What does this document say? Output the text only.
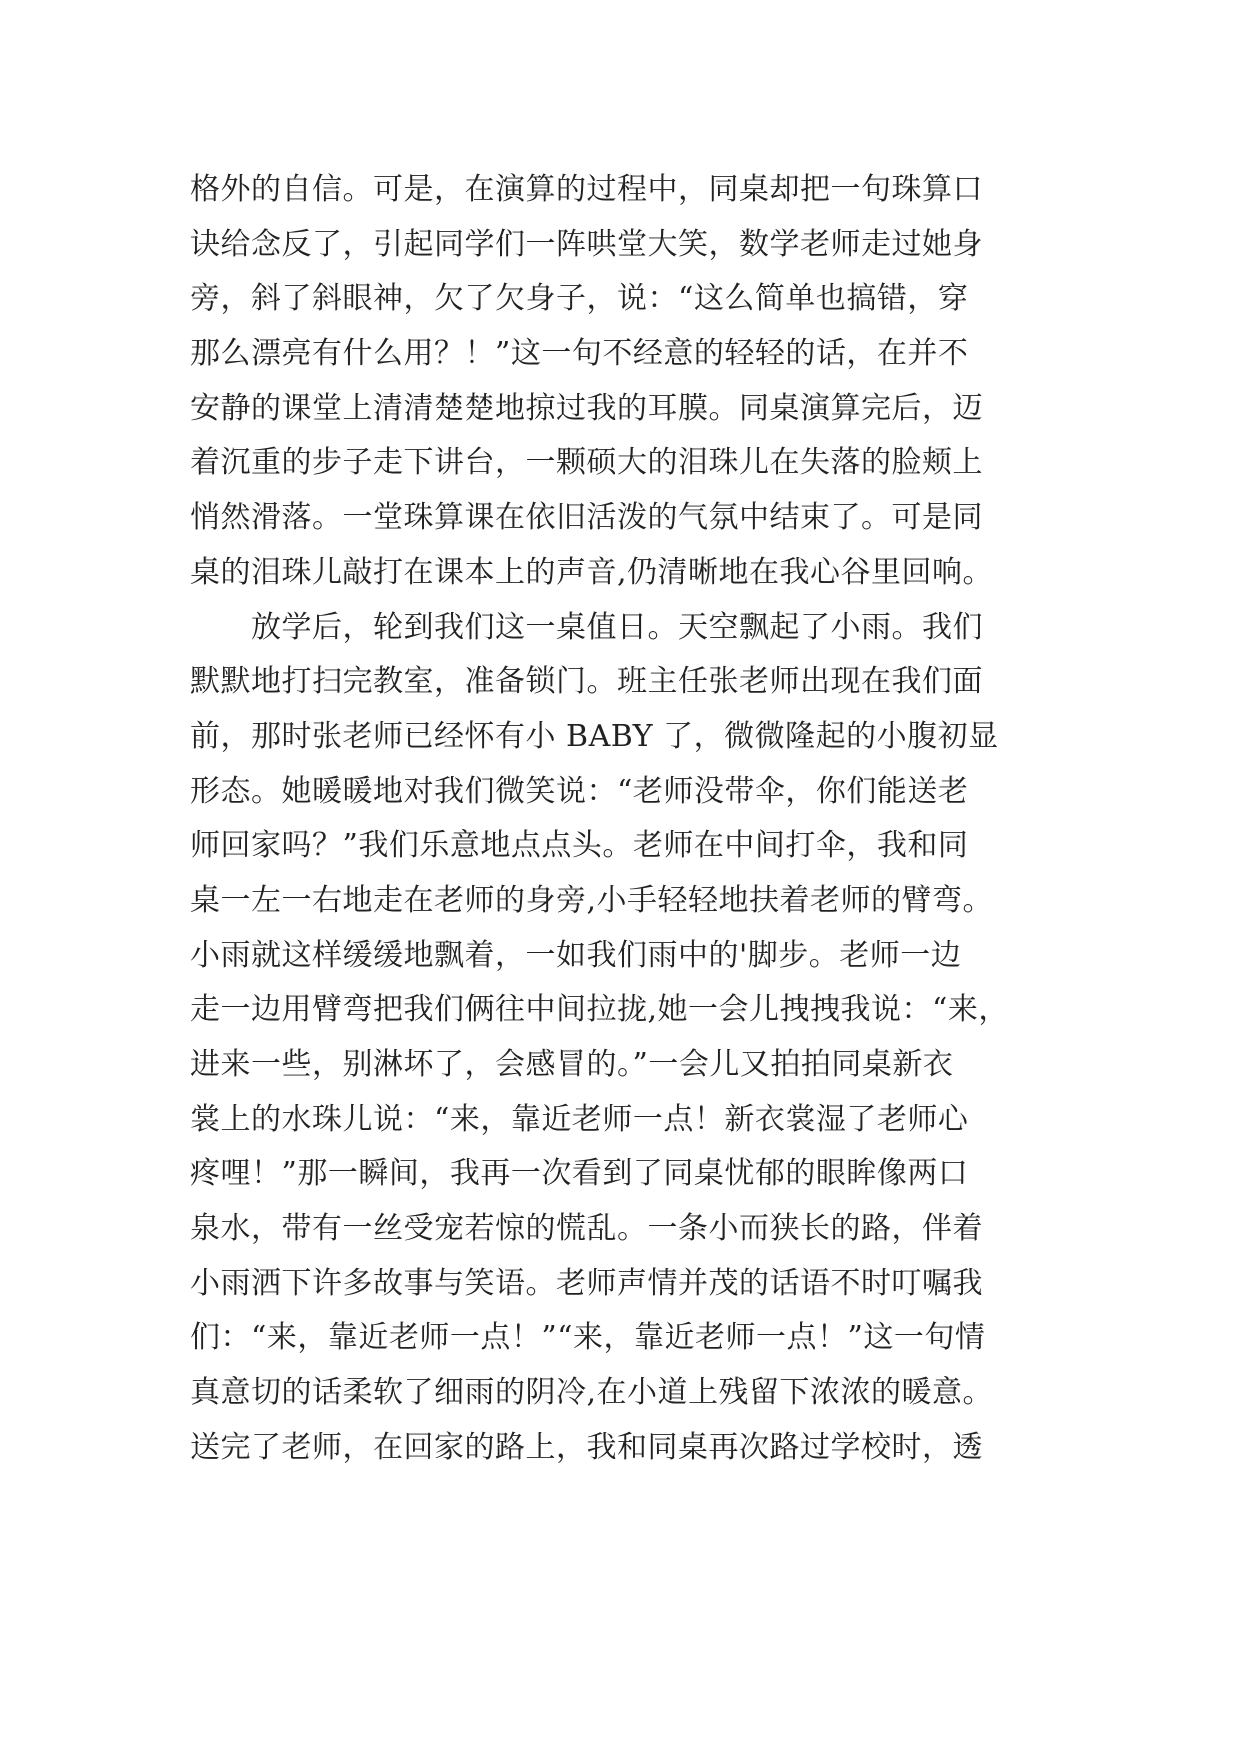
格外的自信。可是，在演算的过程中，同桌却把一句珠算口
诀给念反了，引起同学们一阵哄堂大笑，数学老师走过她身
旁，斜了斜眼神，欠了欠身子，说：“这么简单也搞错，穿
那么漂亮有什么用？！”这一句不经意的轻轻的话，在并不
安静的课堂上清清楚楚地掠过我的耳膜。同桌演算完后，迈
着沉重的步子走下讲台，一颗硕大的泪珠儿在失落的脸颊上
悄然滑落。一堂珠算课在依旧活泼的气氛中结束了。可是同
桌的泪珠儿敲打在课本上的声音,仍清晰地在我心谷里回响。
　　放学后，轮到我们这一桌值日。天空飘起了小雨。我们
默默地打扫完教室，准备锁门。班主任张老师出现在我们面
前，那时张老师已经怀有小 BABY 了，微微隆起的小腹初显
形态。她暖暖地对我们微笑说：“老师没带伞，你们能送老
师回家吗？”我们乐意地点点头。老师在中间打伞，我和同
桌一左一右地走在老师的身旁,小手轻轻地扶着老师的臂弯。
小雨就这样缓缓地飘着，一如我们雨中的'脚步。老师一边
走一边用臂弯把我们俩往中间拉拢,她一会儿拽拽我说：“来，
进来一些，别淋坏了，会感冒的。”一会儿又拍拍同桌新衣
裳上的水珠儿说：“来，靠近老师一点！新衣裳湿了老师心
疼哩！”那一瞬间，我再一次看到了同桌忧郁的眼眸像两口
泉水，带有一丝受宠若惊的慌乱。一条小而狭长的路，伴着
小雨洒下许多故事与笑语。老师声情并茂的话语不时叮嘱我
们：“来，靠近老师一点！”“来，靠近老师一点！”这一句情
真意切的话柔软了细雨的阴冷,在小道上残留下浓浓的暖意。
送完了老师，在回家的路上，我和同桌再次路过学校时，透
